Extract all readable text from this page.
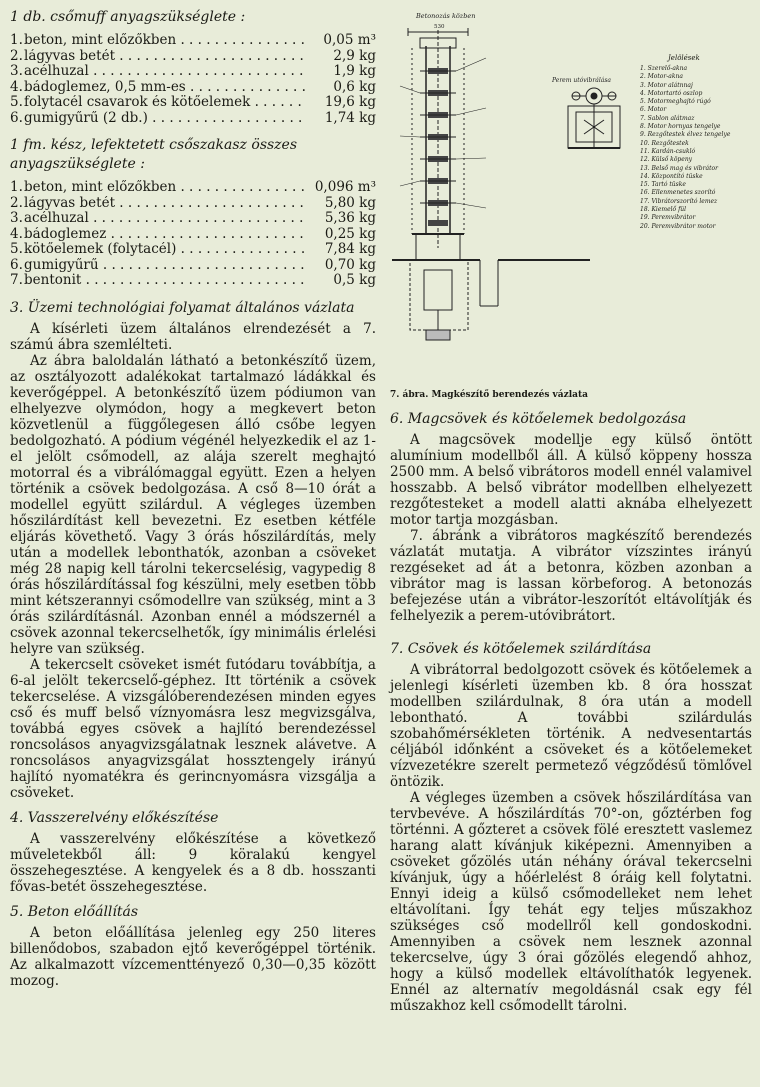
1 db. csőmuff anyagszükséglete :
1. beton, mint előzőkben . . .	0,05 m³
2. lágyvas betét . . .	2,9 kg
3. acélhuzal . . .	1,9 kg
4. bádoglemez, 0,5 mm-es . . .	0,6 kg
5. folytacél csavarok és kötőelemek . . .	19,6 kg
6. gumigyűrű (2 db.) . . .	1,74 kg
1 fm. kész, lefektetett csőszakasz összes anyagszükséglete :
1. beton, mint előzőkben . . .	0,096 m³
2. lágyvas betét . . .	5,80 kg
3. acélhuzal . . .	5,36 kg
4. bádoglemez . . .	0,25 kg
5. kötőelemek (folytacél) . . .	7,84 kg
6. gumigyűrű . . .	0,70 kg
7. bentonit . . .	0,5 kg
3. Üzemi technológiai folyamat általános vázlata

A kísérleti üzem általános elrendezését a 7. számú ábra szemlélteti.

Az ábra baloldalán látható a betonkészítő üzem, az osztályozott adalékokat tartalmazó ládákkal és keverőgéppel. A betonkészítő üzem pódiumon van elhelyezve olymódon, hogy a megkevert beton közvetlenül a függőlegesen álló csőbe legyen bedolgozható. A pódium végénél helyezkedik el az 1-el jelölt csőmodell, az alája szerelt meghajtó motorral és a vibrálómaggal együtt. Ezen a helyen történik a csövek bedolgozása. A cső 8—10 órát a modellel együtt szilárdul. A végleges üzemben hőszilárdítást kell bevezetni. Ez esetben kétféle eljárás követhető. Vagy 3 órás hőszilárdítás, mely után a modellek lebonthatók, azonban a csöveket még 28 napig kell tárolni tekercselésig, vagypedig 8 órás hőszilárdítással fog készülni, mely esetben több mint kétszerannyi csőmodellre van szükség, mint a 3 órás szilárdításnál. Azonban ennél a módszernél a csövek azonnal tekercselhetők, így minimális érlelési helyre van szükség.

A tekercselt csöveket ismét futódaru továbbítja, a 6-al jelölt tekercselő-géphez. Itt történik a csövek tekercselése. A vizsgálóberendezésen minden egyes cső és muff belső víznyomásra lesz megvizsgálva, továbbá egyes csövek a hajlító berendezéssel roncsolásos anyagvizsgálatnak lesznek alávetve. A roncsolásos anyagvizsgálat hossztengely irányú hajlító nyomatékra és gerincnyomásra vizsgálja a csöveket.

4. Vasszerelvény előkészítése

A vasszerelvény előkészítése a következő műveletekből áll: 9 köralakú kengyel összehegesztése. A kengyelek és a 8 db. hosszanti fővas-betét összehegesztése.

5. Beton előállítás

A beton előállítása jelenleg egy 250 literes billenődobos, szabadon ejtő keverőgéppel történik. Az alkalmazott vízcementtényező 0,30—0,35 között mozog.

Betonozás közben
530
Perem utóvibrálása
Jelölések
1. Szerelő-akna
2. Motor-akna
3. Motor alátnnaj
4. Motortartó oszlop
5. Motormeghajtó rúgó
6. Motor
7. Sablon alátmaz
8. Motor hornyas tengelye
9. Rezgőtestek élvez tengelye
10. Rezgőtestek
11. Kardán-csukló
12. Külső köpeny
13. Belső mag és vibrátor
14. Központító tüske
15. Tartó tüske
16. Ellenmenetes szorító
17. Vibrátorszorító lemez
18. Kiemelő fül
19. Peremvibrátor
20. Peremvibrátor motor
7. ábra. Magkészítő berendezés vázlata
6. Magcsövek és kötőelemek bedolgozása

A magcsövek modellje egy külső öntött alumínium modellből áll. A külső köppeny hossza 2500 mm. A belső vibrátoros modell ennél valamivel hosszabb. A belső vibrátor modellben elhelyezett rezgőtesteket a modell alatti aknába elhelyezett motor tartja mozgásban.

7. ábránk a vibrátoros magkészítő berendezés vázlatát mutatja. A vibrátor vízszintes irányú rezgéseket ad át a betonra, közben azonban a vibrátor mag is lassan körbeforog. A betonozás befejezése után a vibrátor-leszorítót eltávolítják és felhelyezik a perem-utóvibrátort.

7. Csövek és kötőelemek szilárdítása

A vibrátorral bedolgozott csövek és kötőelemek a jelenlegi kísérleti üzemben kb. 8 óra hosszat modellben szilárdulnak, 8 óra után a modell lebontható. A további szilárdulás szobahőmérsékleten történik. A nedvesentartás céljából időnként a csöveket és a kötőelemeket vízvezetékre szerelt permetező végződésű tömlővel öntözik.

A végleges üzemben a csövek hőszilárdítása van tervbevéve. A hőszilárdítás 70°-on, gőztérben fog történni. A gőzteret a csövek fölé eresztett vaslemez harang alatt kívánjuk kiképezni. Amennyiben a csöveket gőzölés után néhány órával tekercselni kívánjuk, úgy a hőérlelést 8 óráig kell folytatni. Ennyi ideig a külső csőmodelleket nem lehet eltávolítani. Így tehát egy teljes műszakhoz szükséges cső modellről kell gondoskodni. Amennyiben a csövek nem lesznek azonnal tekercselve, úgy 3 órai gőzölés elegendő ahhoz, hogy a külső modellek eltávolíthatók legyenek. Ennél az alternatív megoldásnál csak egy fél műszakhoz kell csőmodellt tárolni.
